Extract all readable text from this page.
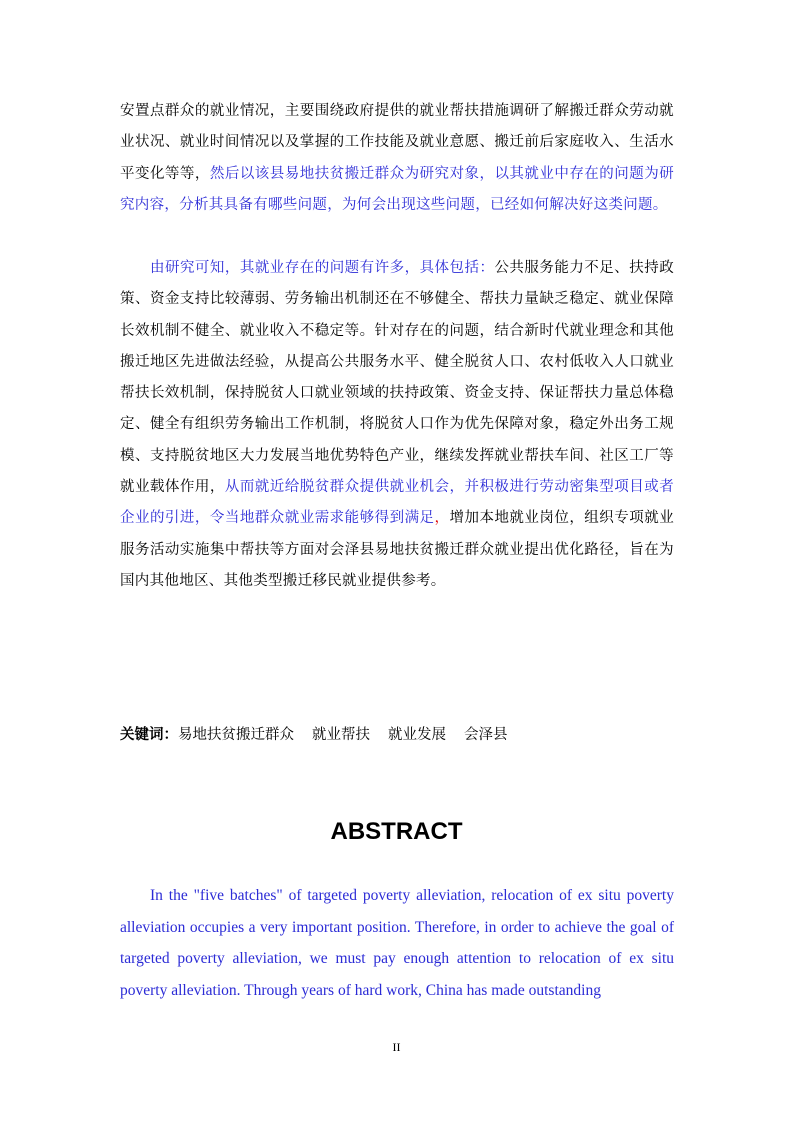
安置点群众的就业情况，主要围绕政府提供的就业帮扶措施调研了解搬迁群众劳动就业状况、就业时间情况以及掌握的工作技能及就业意愿、搬迁前后家庭收入、生活水平变化等等，然后以该县易地扶贫搬迁群众为研究对象，以其就业中存在的问题为研究内容，分析其具备有哪些问题，为何会出现这些问题，已经如何解决好这类问题。
由研究可知，其就业存在的问题有许多，具体包括：公共服务能力不足、扶持政策、资金支持比较薄弱、劳务输出机制还在不够健全、帮扶力量缺乏稳定、就业保障长效机制不健全、就业收入不稳定等。针对存在的问题，结合新时代就业理念和其他搬迁地区先进做法经验，从提高公共服务水平、健全脱贫人口、农村低收入人口就业帮扶长效机制，保持脱贫人口就业领域的扶持政策、资金支持、保证帮扶力量总体稳定、健全有组织劳务输出工作机制，将脱贫人口作为优先保障对象，稳定外出务工规模、支持脱贫地区大力发展当地优势特色产业，继续发挥就业帮扶车间、社区工厂等就业载体作用，从而就近给脱贫群众提供就业机会，并积极进行劳动密集型项目或者企业的引进，令当地群众就业需求能够得到满足，增加本地就业岗位，组织专项就业服务活动实施集中帮扶等方面对会泽县易地扶贫搬迁群众就业提出优化路径，旨在为国内其他地区、其他类型搬迁移民就业提供参考。
关键词：易地扶贫搬迁群众 就业帮扶 就业发展 会泽县
ABSTRACT
In the "five batches" of targeted poverty alleviation, relocation of ex situ poverty alleviation occupies a very important position. Therefore, in order to achieve the goal of targeted poverty alleviation, we must pay enough attention to relocation of ex situ poverty alleviation. Through years of hard work, China has made outstanding
II
